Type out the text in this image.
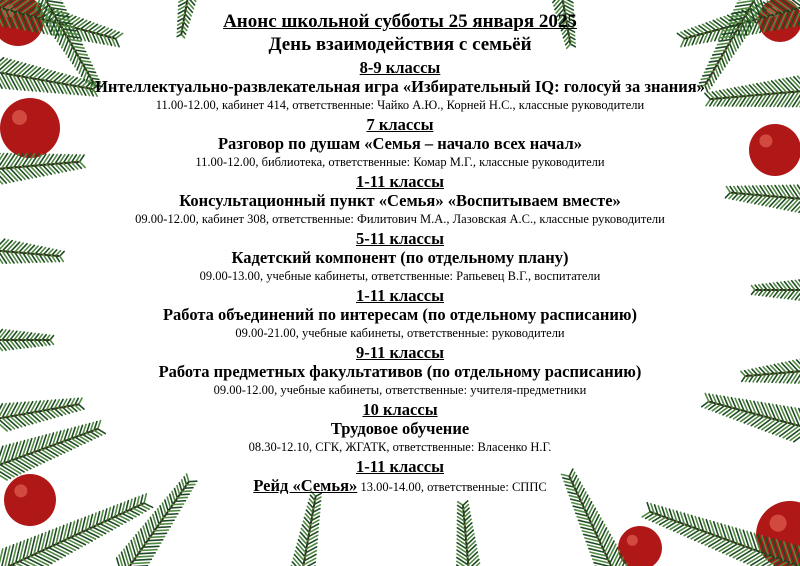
Анонс школьной субботы 25 января 2025
День взаимодействия с семьёй
8-9 классы
Интеллектуально-развлекательная игра «Избирательный IQ: голосуй за знания»
11.00-12.00, кабинет 414, ответственные: Чайко А.Ю., Корней Н.С., классные руководители
7 классы
Разговор по душам «Семья – начало всех начал»
11.00-12.00, библиотека, ответственные: Комар М.Г., классные руководители
1-11 классы
Консультационный пункт «Семья» «Воспитываем вместе»
09.00-12.00, кабинет 308, ответственные: Филитович М.А., Лазовская А.С., классные руководители
5-11 классы
Кадетский компонент (по отдельному плану)
09.00-13.00, учебные кабинеты, ответственные: Рапьевец В.Г., воспитатели
1-11 классы
Работа объединений по интересам (по отдельному расписанию)
09.00-21.00, учебные кабинеты, ответственные: руководители
9-11 классы
Работа предметных факультативов (по отдельному расписанию)
09.00-12.00, учебные кабинеты, ответственные: учителя-предметники
10 классы
Трудовое обучение
08.30-12.10, СГК, ЖГАТК, ответственные: Власенко Н.Г.
1-11 классы
Рейд «Семья» 13.00-14.00, ответственные: СППС
